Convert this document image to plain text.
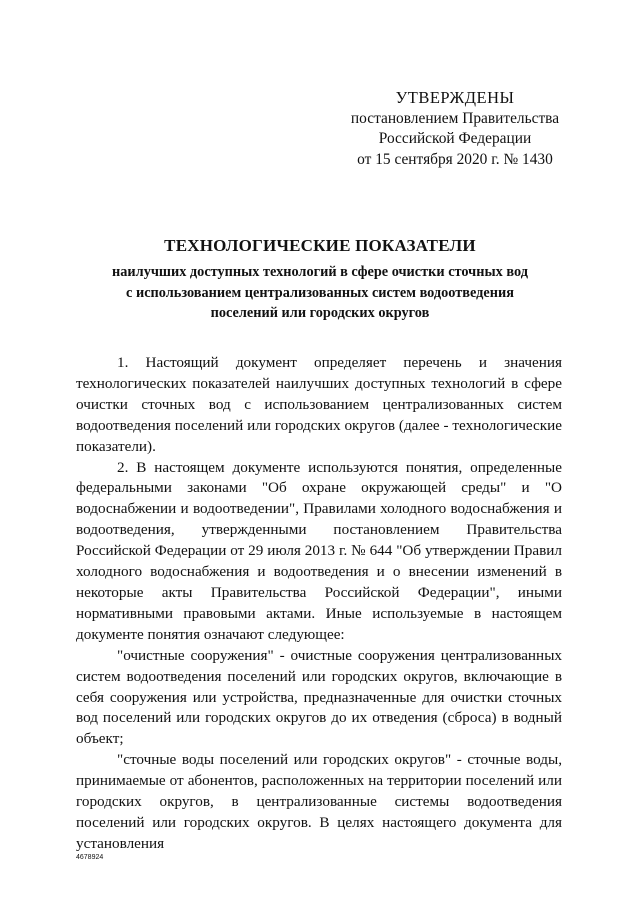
УТВЕРЖДЕНЫ
постановлением Правительства
Российской Федерации
от 15 сентября 2020 г. № 1430
ТЕХНОЛОГИЧЕСКИЕ ПОКАЗАТЕЛИ
наилучших доступных технологий в сфере очистки сточных вод
с использованием централизованных систем водоотведения
поселений или городских округов

1. Настоящий документ определяет перечень и значения технологических показателей наилучших доступных технологий в сфере очистки сточных вод с использованием централизованных систем водоотведения поселений или городских округов (далее - технологические показатели).

2. В настоящем документе используются понятия, определенные федеральными законами "Об охране окружающей среды" и "О водоснабжении и водоотведении", Правилами холодного водоснабжения и водоотведения, утвержденными постановлением Правительства Российской Федерации от 29 июля 2013 г. № 644 "Об утверждении Правил холодного водоснабжения и водоотведения и о внесении изменений в некоторые акты Правительства Российской Федерации", иными нормативными правовыми актами. Иные используемые в настоящем документе понятия означают следующее:

"очистные сооружения" - очистные сооружения централизованных систем водоотведения поселений или городских округов, включающие в себя сооружения или устройства, предназначенные для очистки сточных вод поселений или городских округов до их отведения (сброса) в водный объект;

"сточные воды поселений или городских округов" - сточные воды, принимаемые от абонентов, расположенных на территории поселений или городских округов, в централизованные системы водоотведения поселений или городских округов. В целях настоящего документа для установления

4678924
